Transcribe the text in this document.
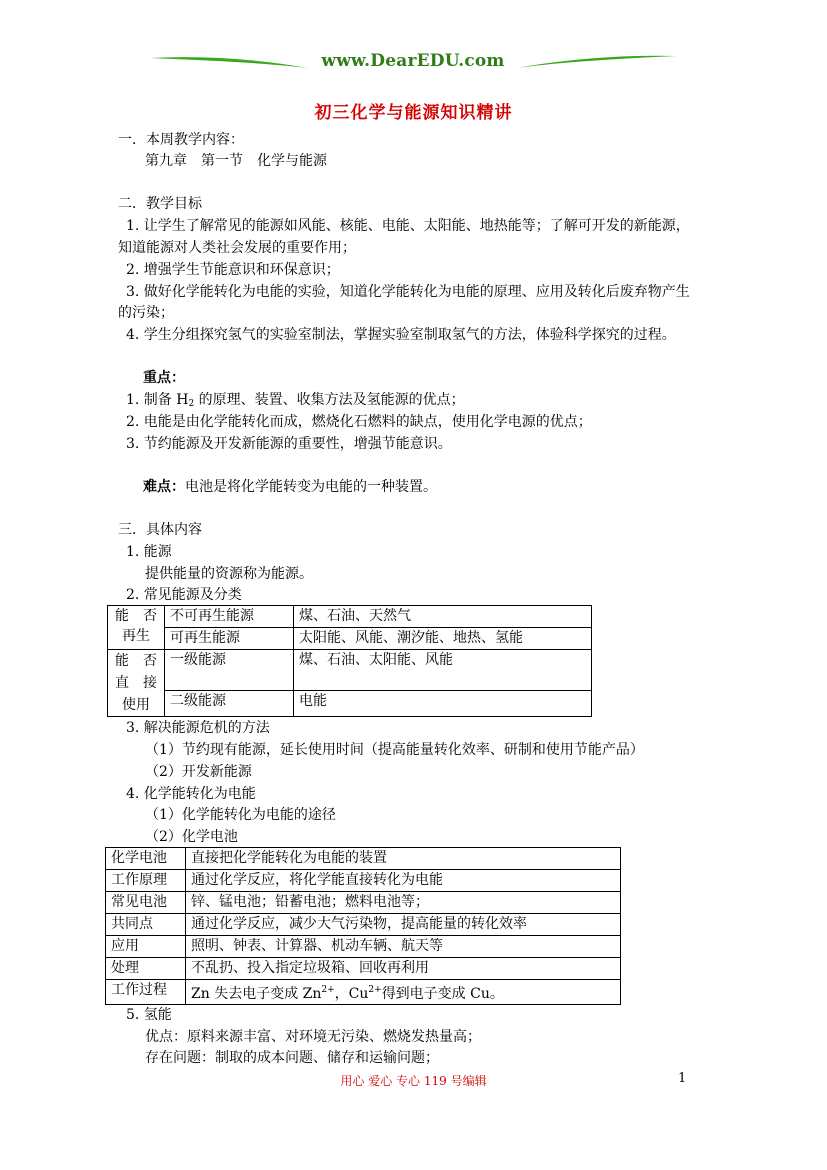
www.DearEDU.com
初三化学与能源知识精讲
一．本周教学内容：
第九章　第一节　化学与能源
二．教学目标
1. 让学生了解常见的能源如风能、核能、电能、太阳能、地热能等；了解可开发的新能源，
知道能源对人类社会发展的重要作用；
2. 增强学生节能意识和环保意识；
3. 做好化学能转化为电能的实验，知道化学能转化为电能的原理、应用及转化后废弃物产生
的污染；
4. 学生分组探究氢气的实验室制法，掌握实验室制取氢气的方法，体验科学探究的过程。
重点：
1. 制备 $H_2$ 的原理、装置、收集方法及氢能源的优点；
2. 电能是由化学能转化而成，燃烧化石燃料的缺点，使用化学电源的优点；
3. 节约能源及开发新能源的重要性，增强节能意识。
难点：电池是将化学能转变为电能的一种装置。
三．具体内容
1. 能源
提供能量的资源称为能源。
2. 常见能源及分类
能　否
再生	不可再生能源	煤、石油、天然气
	可再生能源	太阳能、风能、潮汐能、地热、氢能
能　否
直　接
使用	一级能源	煤、石油、太阳能、风能
	二级能源	电能
3. 解决能源危机的方法
（1）节约现有能源，延长使用时间（提高能量转化效率、研制和使用节能产品）
（2）开发新能源
4. 化学能转化为电能
（1）化学能转化为电能的途径
（2）化学电池
化学电池	直接把化学能转化为电能的装置
工作原理	通过化学反应，将化学能直接转化为电能
常见电池	锌、锰电池；铅蓄电池；燃料电池等；
共同点	通过化学反应，减少大气污染物，提高能量的转化效率
应用	照明、钟表、计算器、机动车辆、航天等
处理	不乱扔、投入指定垃圾箱、回收再利用
工作过程	Zn 失去电子变成 $Zn^{2+}$，$Cu^{2+}$得到电子变成 Cu。
5. 氢能
优点：原料来源丰富、对环境无污染、燃烧发热量高；
存在问题：制取的成本问题、储存和运输问题；
用心 爱心 专心 119 号编辑	1
